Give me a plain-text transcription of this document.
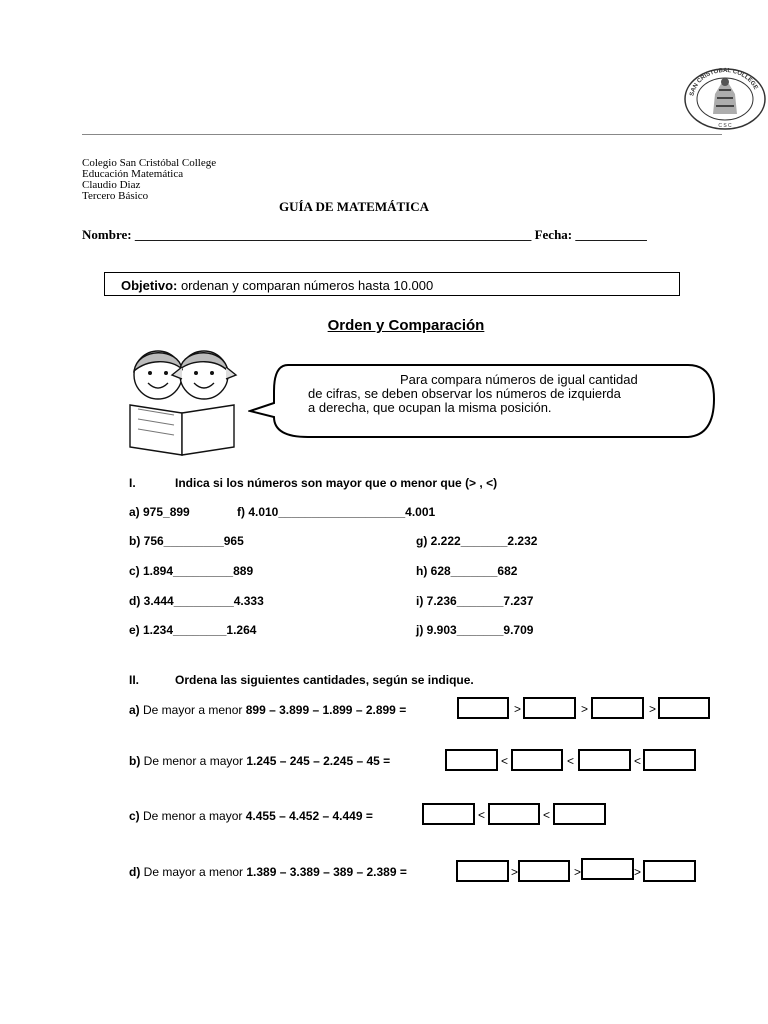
SAN CRISTOBAL COLLEGE
C S C
Colegio San Cristóbal College
Educación Matemática
Claudio Diaz
Tercero Básico
GUÍA DE MATEMÁTICA
Nombre: _____________________________________________________________ Fecha: ___________
Objetivo: ordenan y comparan números hasta 10.000
Orden y Comparación
Para compara números de igual cantidad
de cifras, se deben observar los números de izquierda
a derecha, que ocupan la misma posición.
I.	Indica si los números son mayor que o menor que (> , <)
a) 975_899	f) 4.010___________________4.001
b) 756_________965	g) 2.222_______2.232
c) 1.894_________889	h) 628_______682
d) 3.444_________4.333	i) 7.236_______7.237
e) 1.234________1.264	j) 9.903_______9.709
II.	Ordena las siguientes cantidades, según se indique.
a) De mayor a menor 899 – 3.899 – 1.899 – 2.899 =	>	>	>
b) De menor a mayor 1.245 – 245 – 2.245 – 45 =	<	<	<
c) De menor a mayor 4.455 – 4.452 – 4.449 =	<	<
d) De mayor a menor 1.389 – 3.389 – 389 – 2.389 =	>	>	>
